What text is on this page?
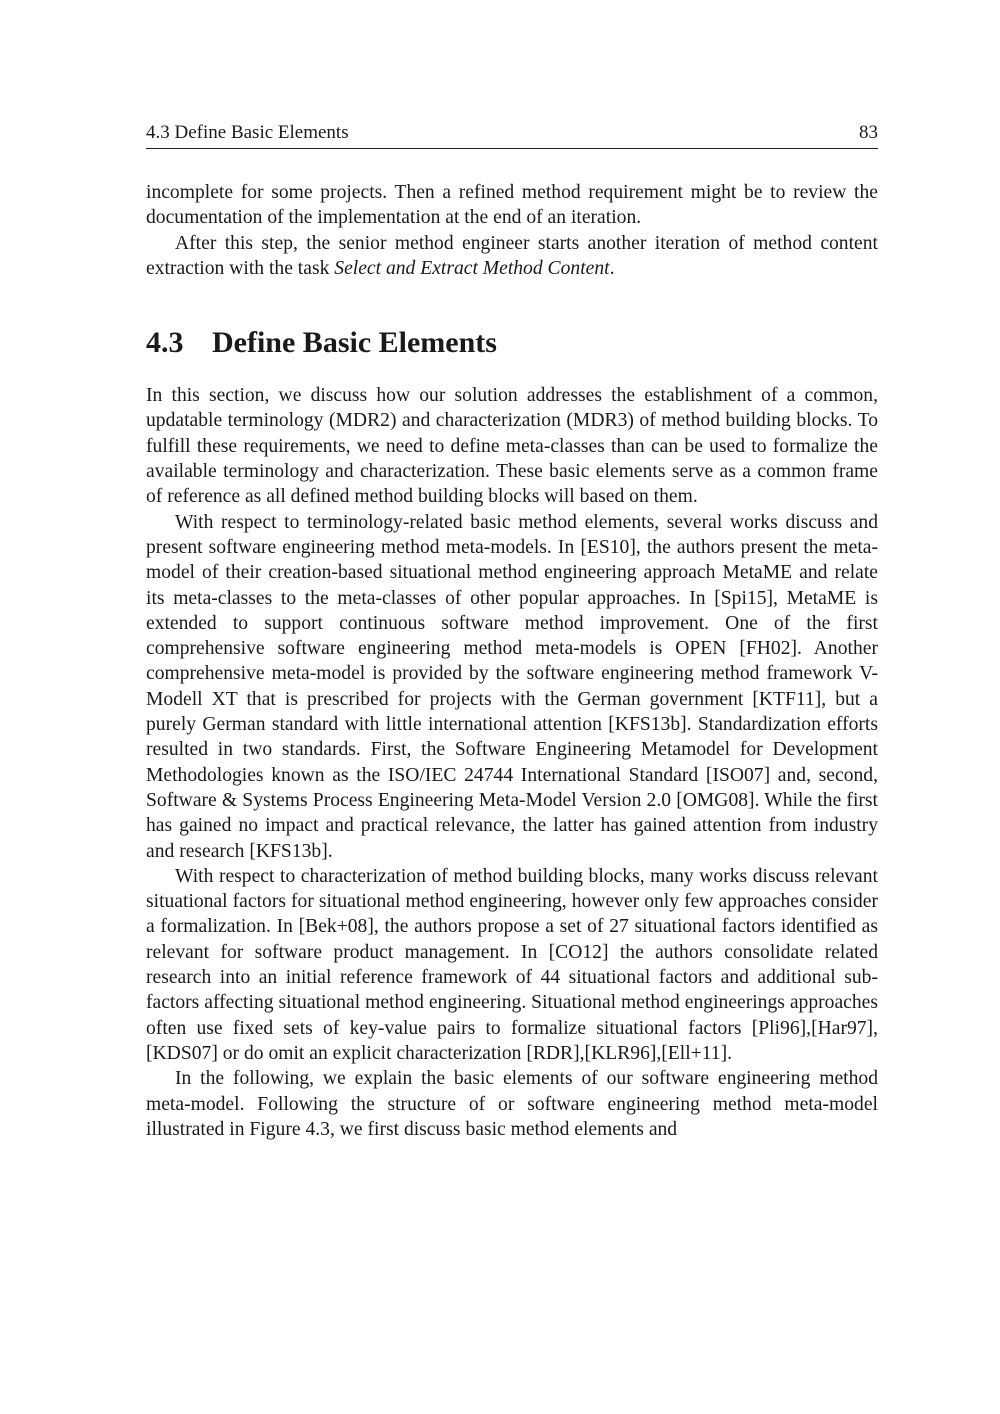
4.3 Define Basic Elements	83

incomplete for some projects. Then a refined method requirement might be to review the documentation of the implementation at the end of an iteration.

After this step, the senior method engineer starts another iteration of method content extraction with the task Select and Extract Method Content.

4.3 Define Basic Elements

In this section, we discuss how our solution addresses the establishment of a common, updatable terminology (MDR2) and characterization (MDR3) of method building blocks. To fulfill these requirements, we need to define meta-classes than can be used to formalize the available terminology and characterization. These basic elements serve as a common frame of reference as all defined method building blocks will based on them.

With respect to terminology-related basic method elements, several works discuss and present software engineering method meta-models. In [ES10], the authors present the meta-model of their creation-based situational method engineering approach MetaME and relate its meta-classes to the meta-classes of other popular approaches. In [Spi15], MetaME is extended to support continuous software method improvement. One of the first comprehensive software engineering method meta-models is OPEN [FH02]. Another comprehensive meta-model is provided by the software engineering method framework V-Modell XT that is prescribed for projects with the German government [KTF11], but a purely German standard with little international attention [KFS13b]. Standardization efforts resulted in two standards. First, the Software Engineering Metamodel for Development Methodologies known as the ISO/IEC 24744 International Standard [ISO07] and, second, Software & Systems Process Engineering Meta-Model Version 2.0 [OMG08]. While the first has gained no impact and practical relevance, the latter has gained attention from industry and research [KFS13b].

With respect to characterization of method building blocks, many works discuss relevant situational factors for situational method engineering, however only few approaches consider a formalization. In [Bek+08], the authors propose a set of 27 situational factors identified as relevant for software product management. In [CO12] the authors consolidate related research into an initial reference framework of 44 situational factors and additional sub-factors affecting situational method engineering. Situational method engineerings approaches often use fixed sets of key-value pairs to formalize situational factors [Pli96],[Har97],[KDS07] or do omit an explicit characterization [RDR],[KLR96],[Ell+11].

In the following, we explain the basic elements of our software engineering method meta-model. Following the structure of or software engineering method meta-model illustrated in Figure 4.3, we first discuss basic method elements and
